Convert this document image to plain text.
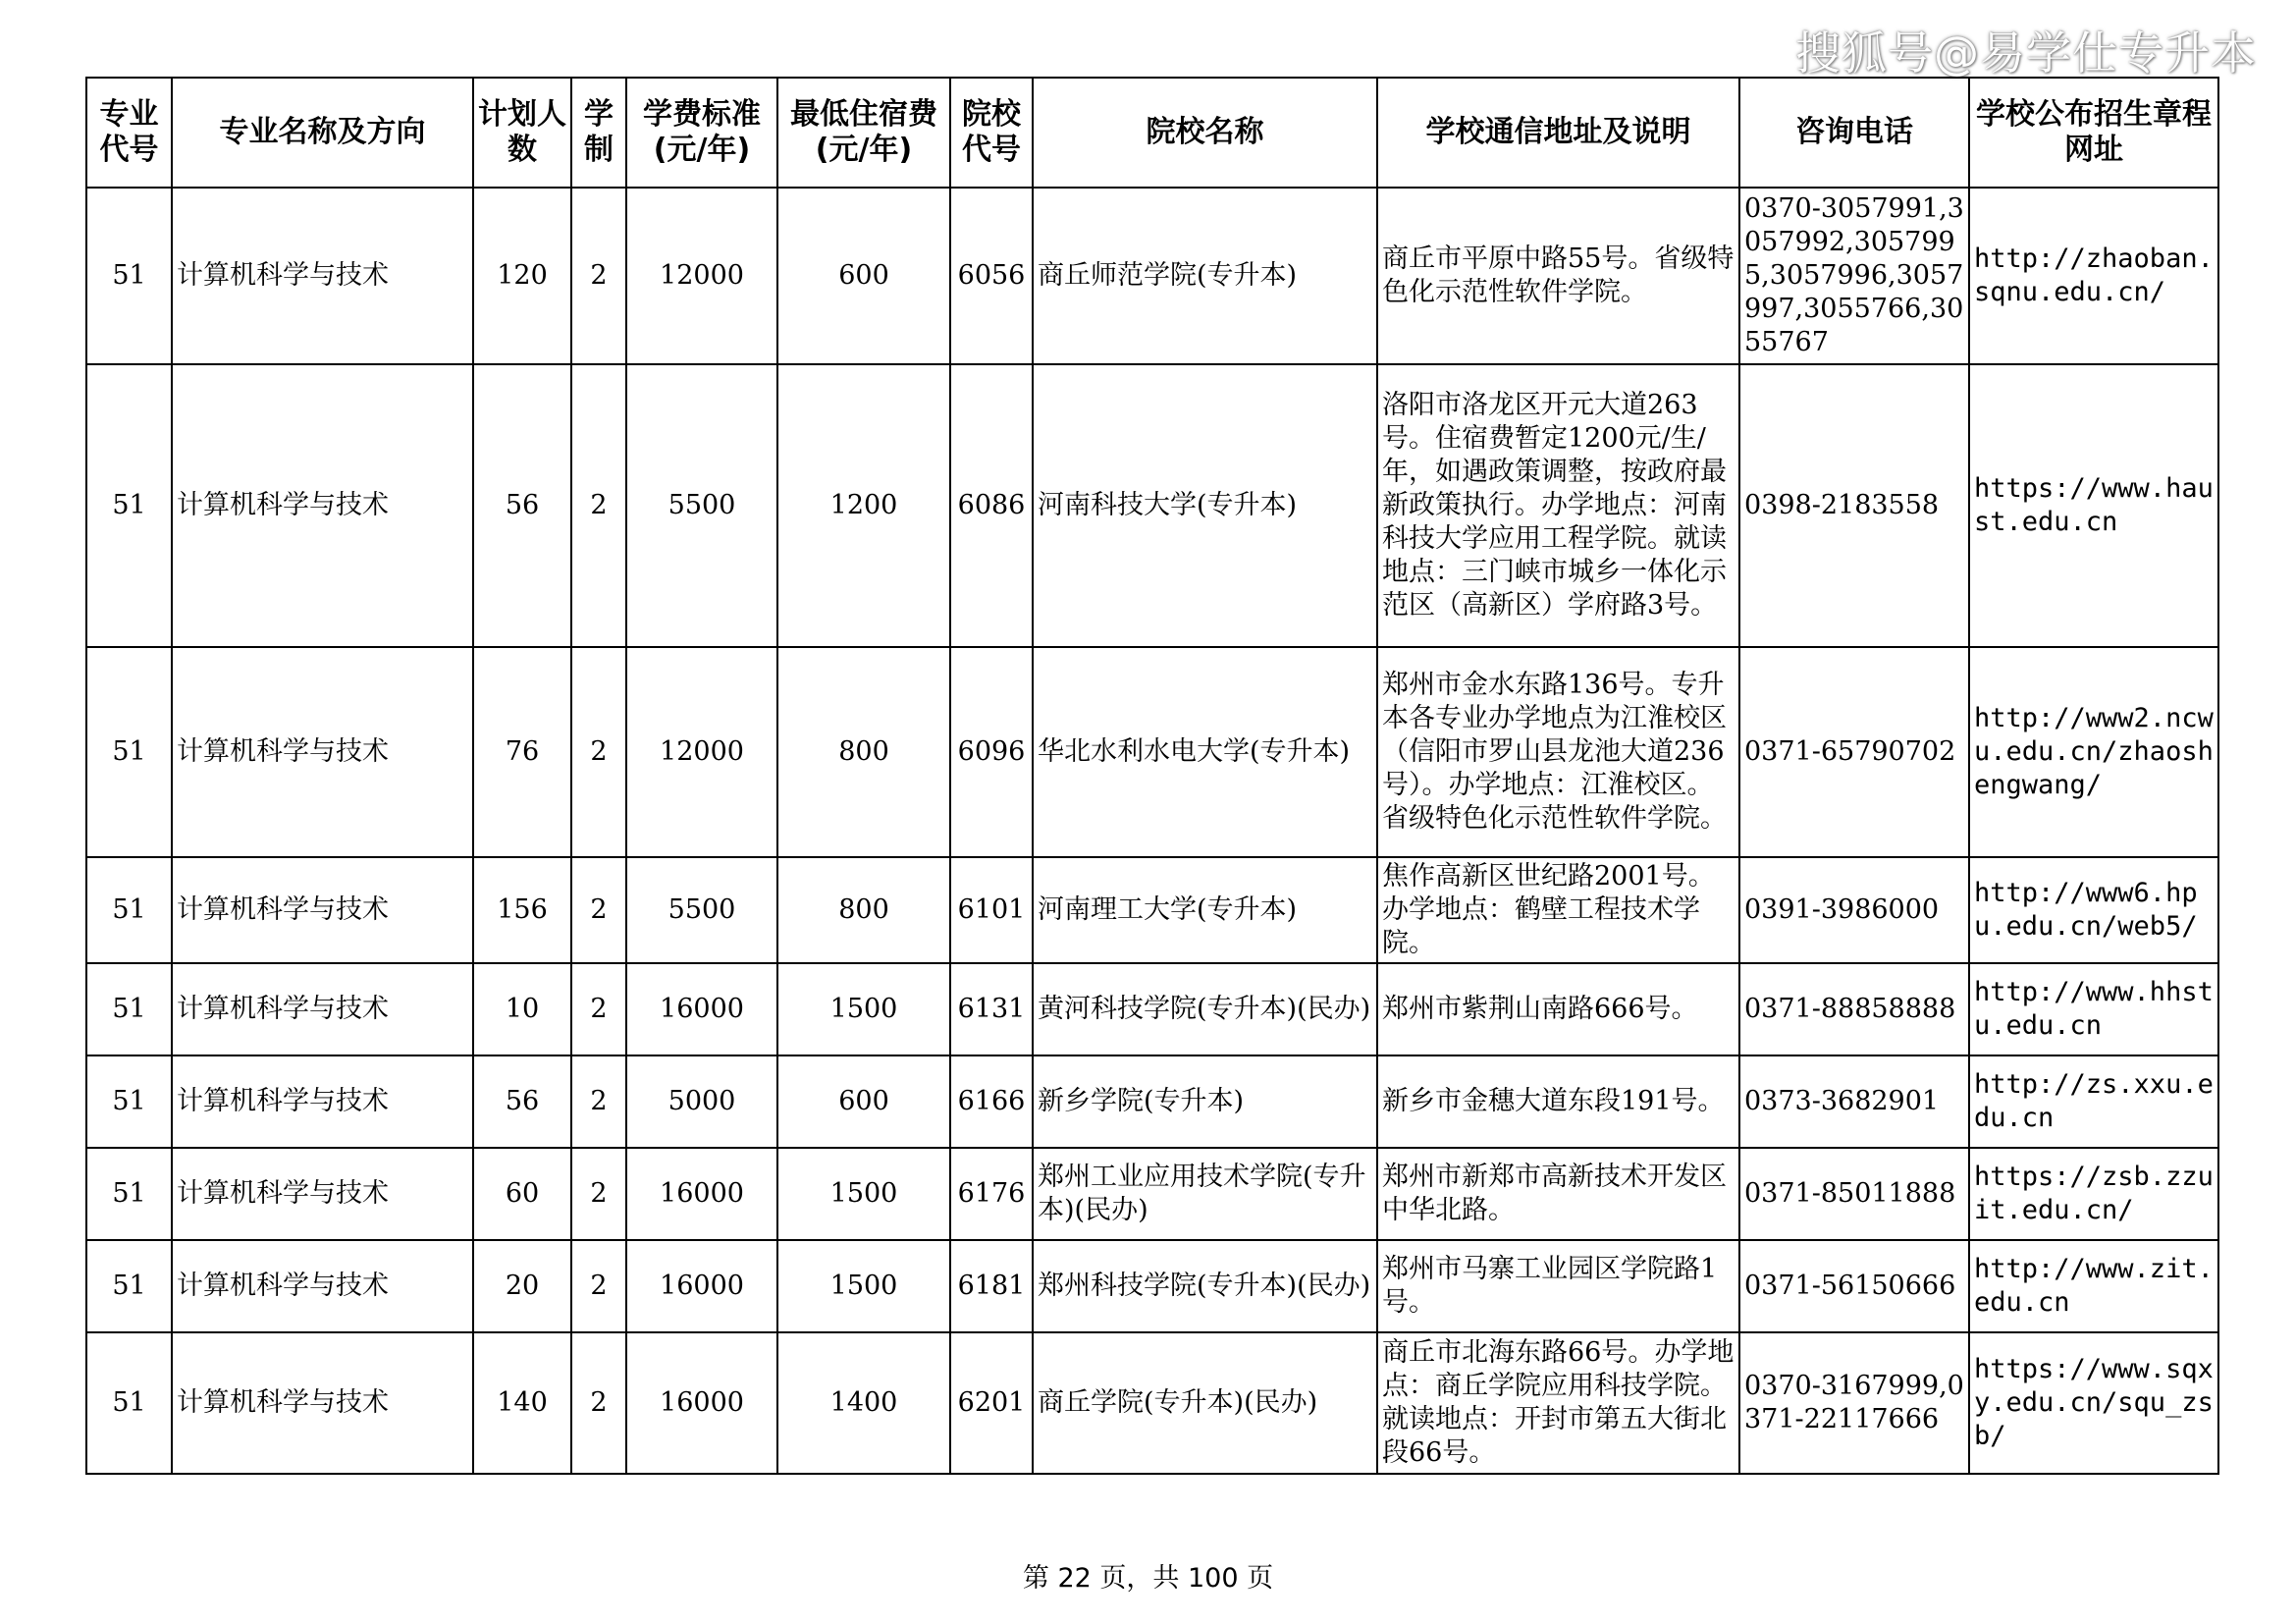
搜狐号@易学仕专升本
专业代号	专业名称及方向	计划人数	学制	学费标准(元/年)	最低住宿费(元/年)	院校代号	院校名称	学校通信地址及说明	咨询电话	学校公布招生章程网址
51	计算机科学与技术	120	2	12000	600	6056	商丘师范学院(专升本)	商丘市平原中路55号。省级特色化示范性软件学院。	0370-3057991,3057992,3057995,3057996,3057997,3055766,3055767	http://zhaoban.sqnu.edu.cn/
51	计算机科学与技术	56	2	5500	1200	6086	河南科技大学(专升本)	洛阳市洛龙区开元大道263号。住宿费暂定1200元/生/年，如遇政策调整，按政府最新政策执行。办学地点：河南科技大学应用工程学院。就读地点：三门峡市城乡一体化示范区（高新区）学府路3号。	0398-2183558	https://www.haust.edu.cn
51	计算机科学与技术	76	2	12000	800	6096	华北水利水电大学(专升本)	郑州市金水东路136号。专升本各专业办学地点为江淮校区（信阳市罗山县龙池大道236号）。办学地点：江淮校区。省级特色化示范性软件学院。	0371-65790702	http://www2.ncwu.edu.cn/zhaoshengwang/
51	计算机科学与技术	156	2	5500	800	6101	河南理工大学(专升本)	焦作高新区世纪路2001号。办学地点：鹤壁工程技术学院。	0391-3986000	http://www6.hpu.edu.cn/web5/
51	计算机科学与技术	10	2	16000	1500	6131	黄河科技学院(专升本)(民办)	郑州市紫荆山南路666号。	0371-88858888	http://www.hhstu.edu.cn
51	计算机科学与技术	56	2	5000	600	6166	新乡学院(专升本)	新乡市金穗大道东段191号。	0373-3682901	http://zs.xxu.edu.cn
51	计算机科学与技术	60	2	16000	1500	6176	郑州工业应用技术学院(专升本)(民办)	郑州市新郑市高新技术开发区中华北路。	0371-85011888	https://zsb.zzuit.edu.cn/
51	计算机科学与技术	20	2	16000	1500	6181	郑州科技学院(专升本)(民办)	郑州市马寨工业园区学院路1号。	0371-56150666	http://www.zit.edu.cn
51	计算机科学与技术	140	2	16000	1400	6201	商丘学院(专升本)(民办)	商丘市北海东路66号。办学地点：商丘学院应用科技学院。就读地点：开封市第五大街北段66号。	0370-3167999,0371-22117666	https://www.sqxy.edu.cn/squ_zsb/
第 22 页，共 100 页
